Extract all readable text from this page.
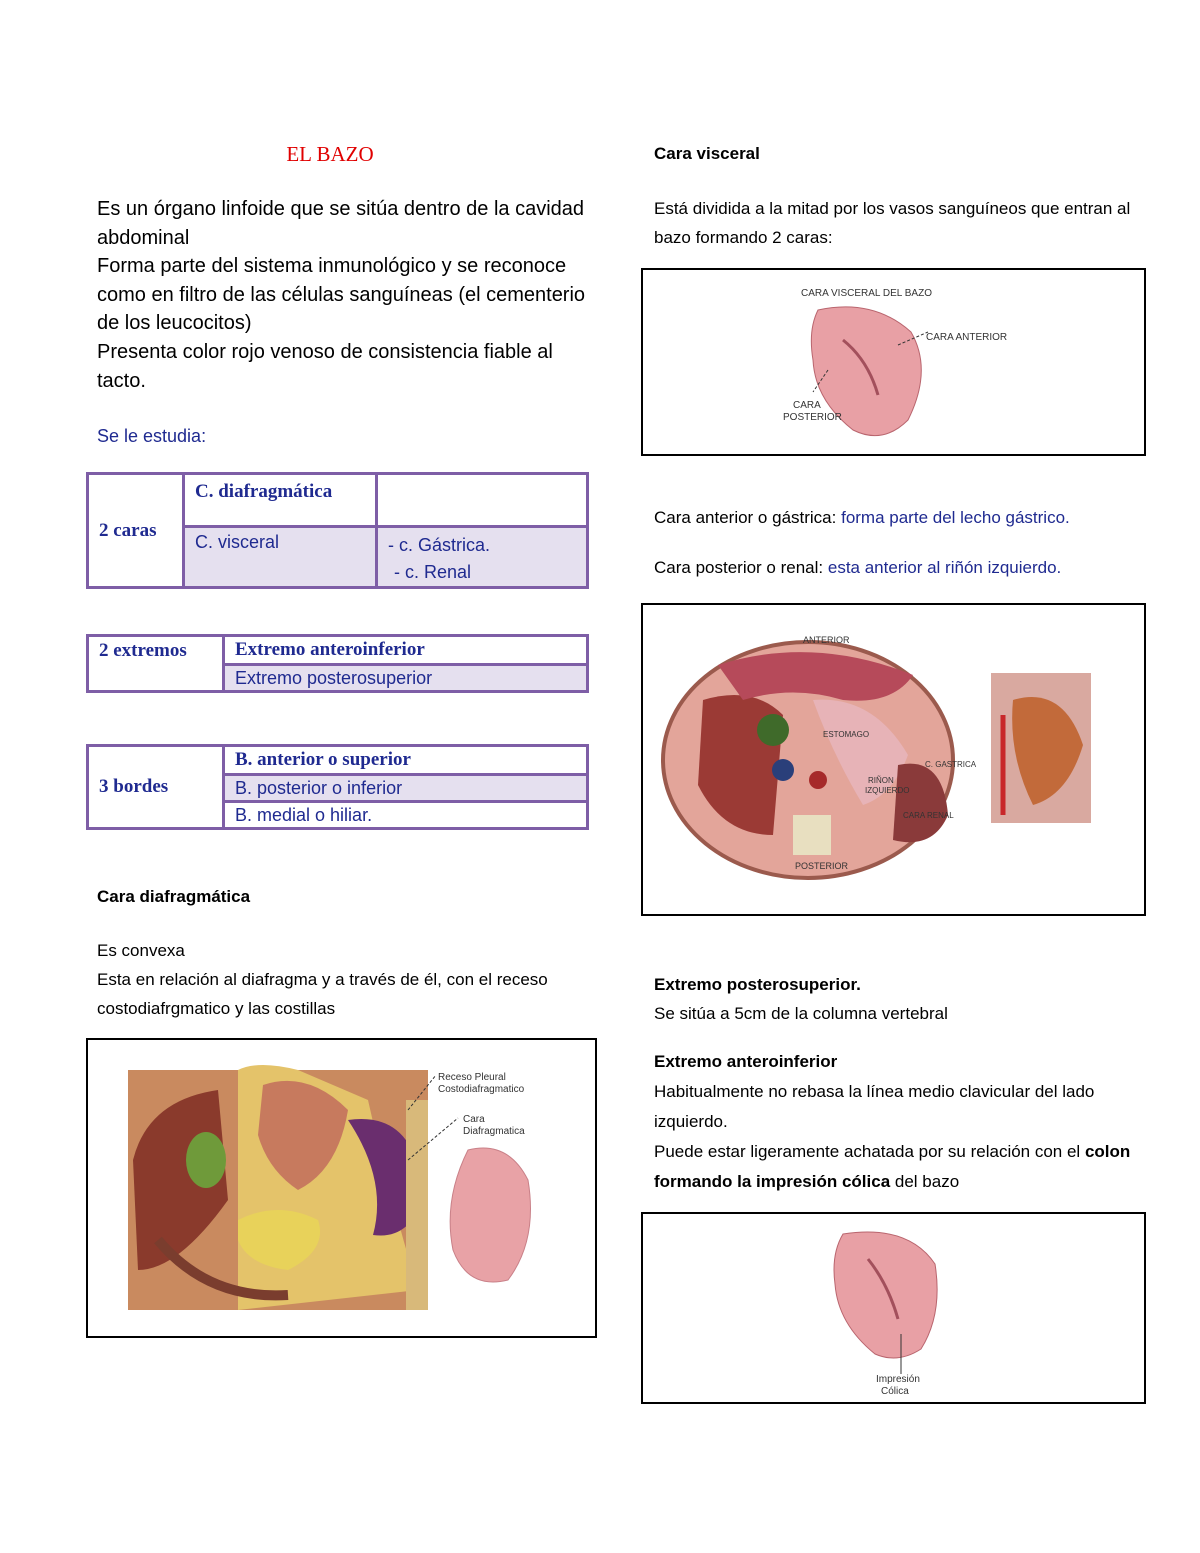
EL BAZO
Es un órgano linfoide que se sitúa dentro de la cavidad abdominal
Forma parte del sistema inmunológico y se reconoce como en filtro de las células sanguíneas (el cementerio de los leucocitos)
Presenta color rojo venoso de consistencia fiable al tacto.
Se le estudia:
2 caras	C. diafragmática	
	C. visceral	- c. Gástrica.
- c. Renal
2 extremos	Extremo anteroinferior
Extremo posterosuperior
3 bordes	B. anterior o superior
B. posterior o inferior
B. medial o hiliar.
Cara diafragmática
Es convexa
Esta en relación al diafragma y a través de él, con el receso costodiafrgmatico y las costillas
Receso Pleural
Costodiafragmatico
Cara
Diafragmatica
Cara visceral
Está dividida a la mitad por los vasos sanguíneos que entran al bazo formando 2 caras:
CARA VISCERAL DEL BAZO
CARA ANTERIOR
CARA
POSTERIOR
Cara anterior o gástrica: forma parte del lecho gástrico.
Cara posterior o renal: esta anterior al riñón izquierdo.
ANTERIOR
POSTERIOR
ESTOMAGO
RIÑON
IZQUIERDO
C. GASTRICA
CARA RENAL
Extremo posterosuperior.
Se sitúa a 5cm de la columna vertebral
Extremo anteroinferior
Habitualmente no rebasa la línea medio clavicular del lado izquierdo.
Puede estar ligeramente achatada por su relación con el colon formando la impresión cólica del bazo
Impresión
Cólica
